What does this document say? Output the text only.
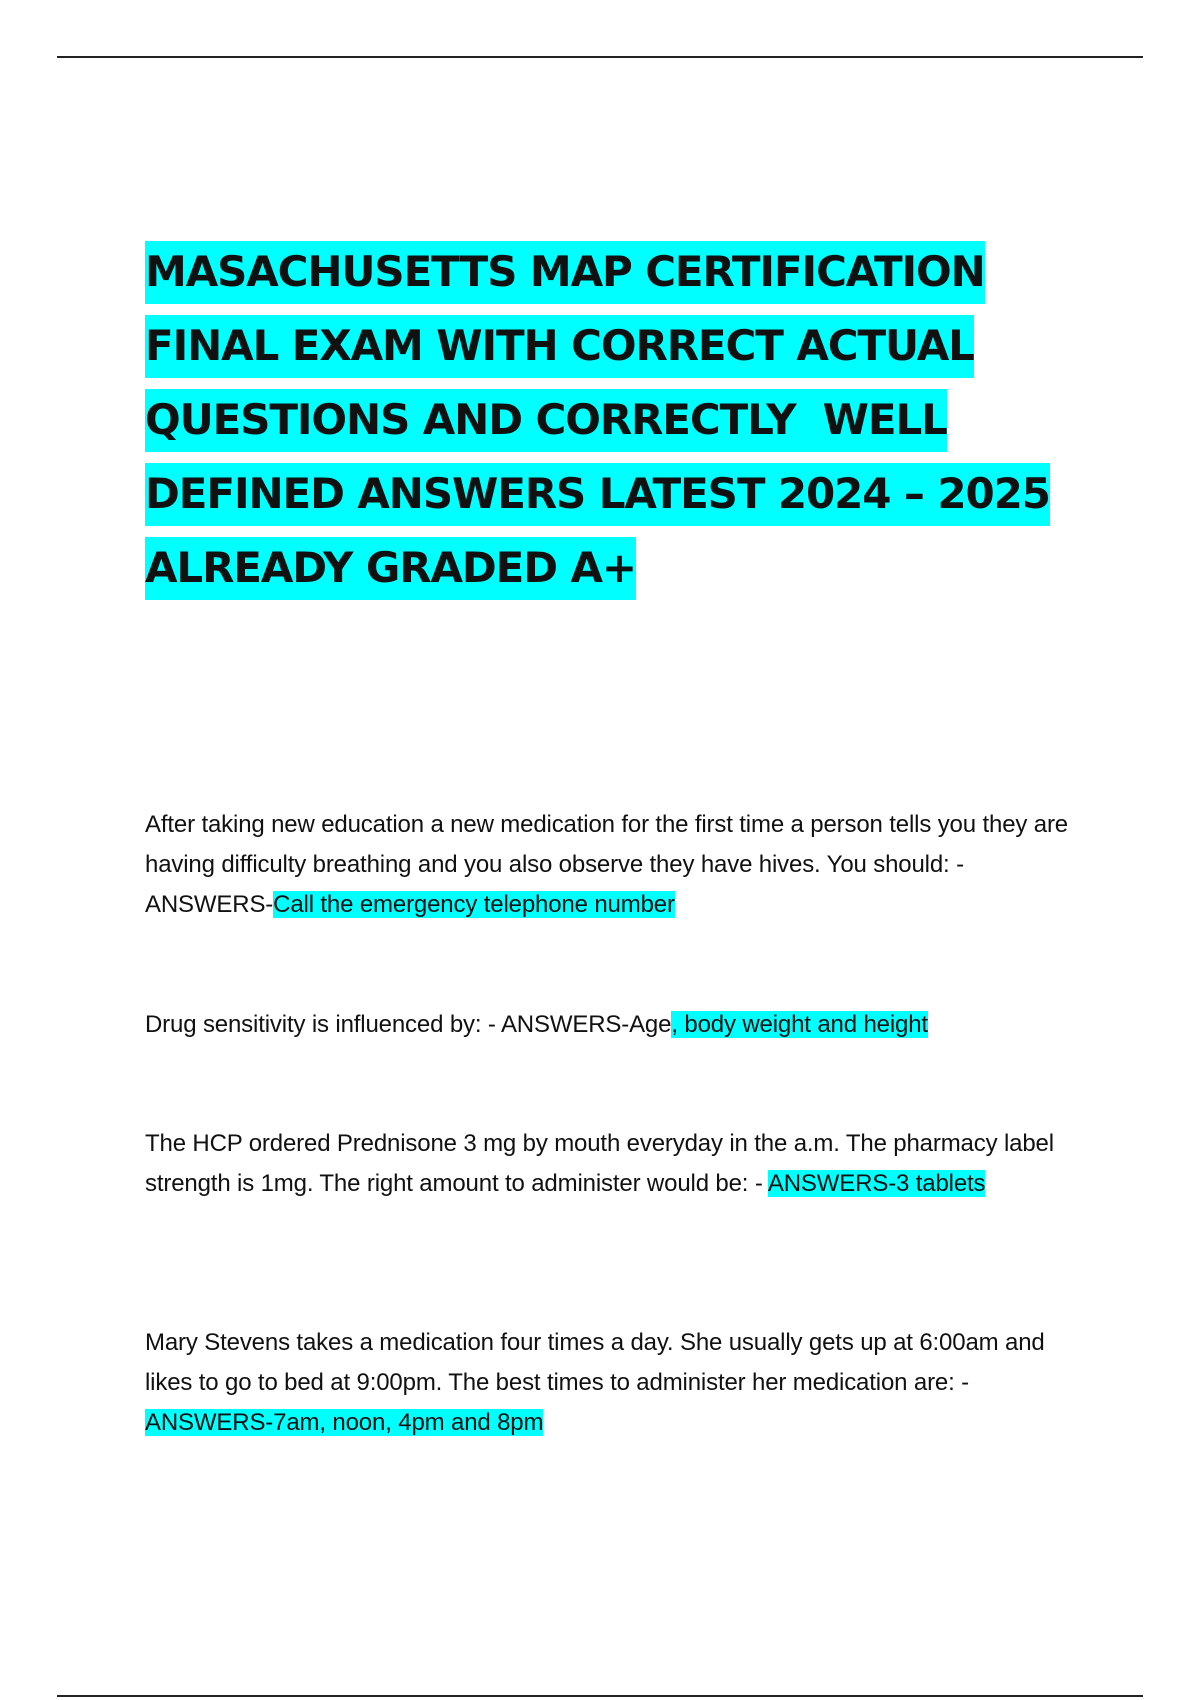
MASACHUSETTS MAP CERTIFICATION
FINAL EXAM WITH CORRECT ACTUAL
QUESTIONS AND CORRECTLY  WELL
DEFINED ANSWERS LATEST 2024 – 2025
ALREADY GRADED A+

After taking new education a new medication for the first time a person tells you they are having difficulty breathing and you also observe they have hives. You should: - ANSWERS-Call the emergency telephone number

Drug sensitivity is influenced by: - ANSWERS-Age, body weight and height

The HCP ordered Prednisone 3 mg by mouth everyday in the a.m. The pharmacy label strength is 1mg. The right amount to administer would be: - ANSWERS-3 tablets

Mary Stevens takes a medication four times a day. She usually gets up at 6:00am and likes to go to bed at 9:00pm. The best times to administer her medication are: - ANSWERS-7am, noon, 4pm and 8pm
